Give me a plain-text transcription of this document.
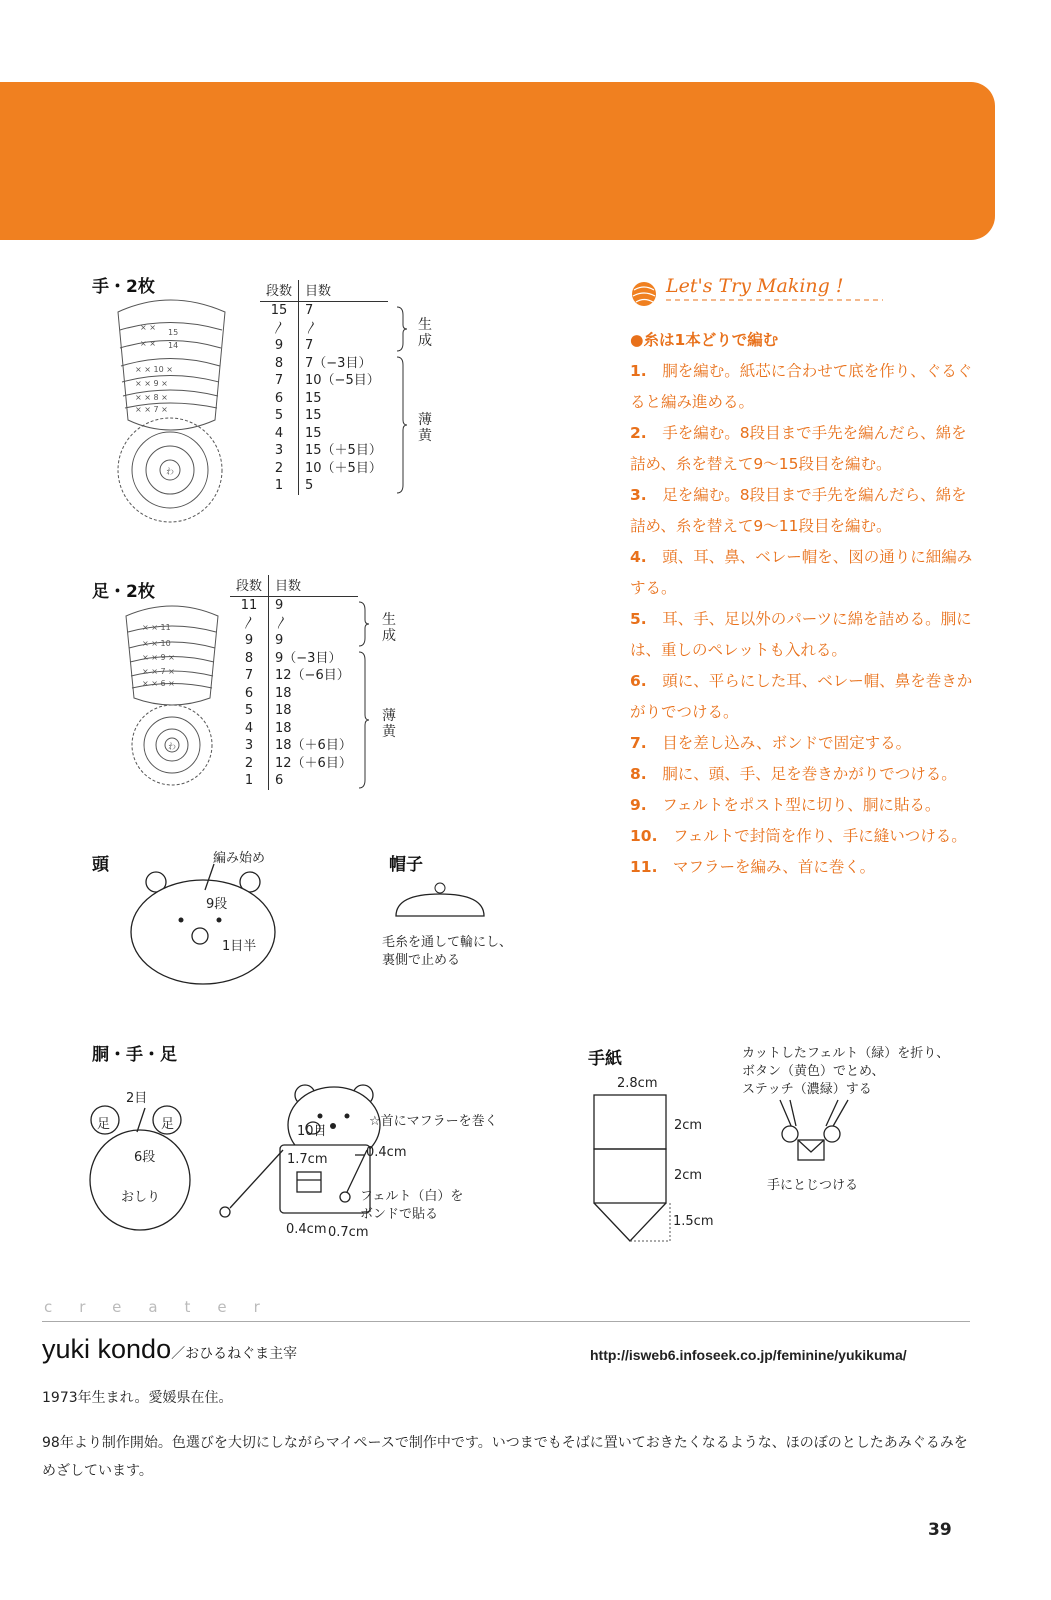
手・2枚
× ×
15
× × 14
× × 10 ×
× × 9 ×
× × 8 ×
× × 7 ×
わ
段数	目数
15	7
〳	〳
9	7
8	7（−3目）
7	10（−5目）
6	15
5	15
4	15
3	15（＋5目）
2	10（＋5目）
1	5
生成
薄黄
足・2枚
× × 11
× × 10
× × 9 ×
× × 7 ×
× × 6 ×
わ
段数	目数
11	9
〳	〳
9	9
8	9（−3目）
7	12（−6目）
6	18
5	18
4	18
3	18（＋6目）
2	12（＋6目）
1	6
生成
薄黄
Let's Try Making !
●糸は1本どりで編む
1.　 胴を編む。紙芯に合わせて底を作り、ぐるぐると編み進める。
2.　 手を編む。8段目まで手先を編んだら、綿を詰め、糸を替えて9〜15段目を編む。
3.　 足を編む。8段目まで手先を編んだら、綿を詰め、糸を替えて9〜11段目を編む。
4.　 頭、耳、鼻、ベレー帽を、図の通りに細編みする。
5.　 耳、手、足以外のパーツに綿を詰める。胴には、重しのペレットも入れる。
6.　 頭に、平らにした耳、ベレー帽、鼻を巻きかがりでつける。
7.　 目を差し込み、ボンドで固定する。
8.　 胴に、頭、手、足を巻きかがりでつける。
9.　 フェルトをポスト型に切り、胴に貼る。
10.　 フェルトで封筒を作り、手に縫いつける。
11.　 マフラーを編み、首に巻く。
頭	編み始め
9段
1目半
帽子
毛糸を通して輪にし、
裏側で止める
胴・手・足
2目
足	足
6段
おしり
10目
☆首にマフラーを巻く
1.7cm	0.4cm
フェルト（白）を
ボンドで貼る
0.4cm 0.7cm
手紙
2.8cm
2cm
2cm
1.5cm
カットしたフェルト（緑）を折り、
ボタン（黄色）でとめ、
ステッチ（濃緑）する
手にとじつける
creater
yuki kondo／おひるねぐま主宰	http://isweb6.infoseek.co.jp/feminine/yukikuma/
1973年生まれ。愛媛県在住。
98年より制作開始。色選びを大切にしながらマイペースで制作中です。いつまでもそばに置いておきたくなるような、ほのぼのとしたあみぐるみをめざしています。
39
